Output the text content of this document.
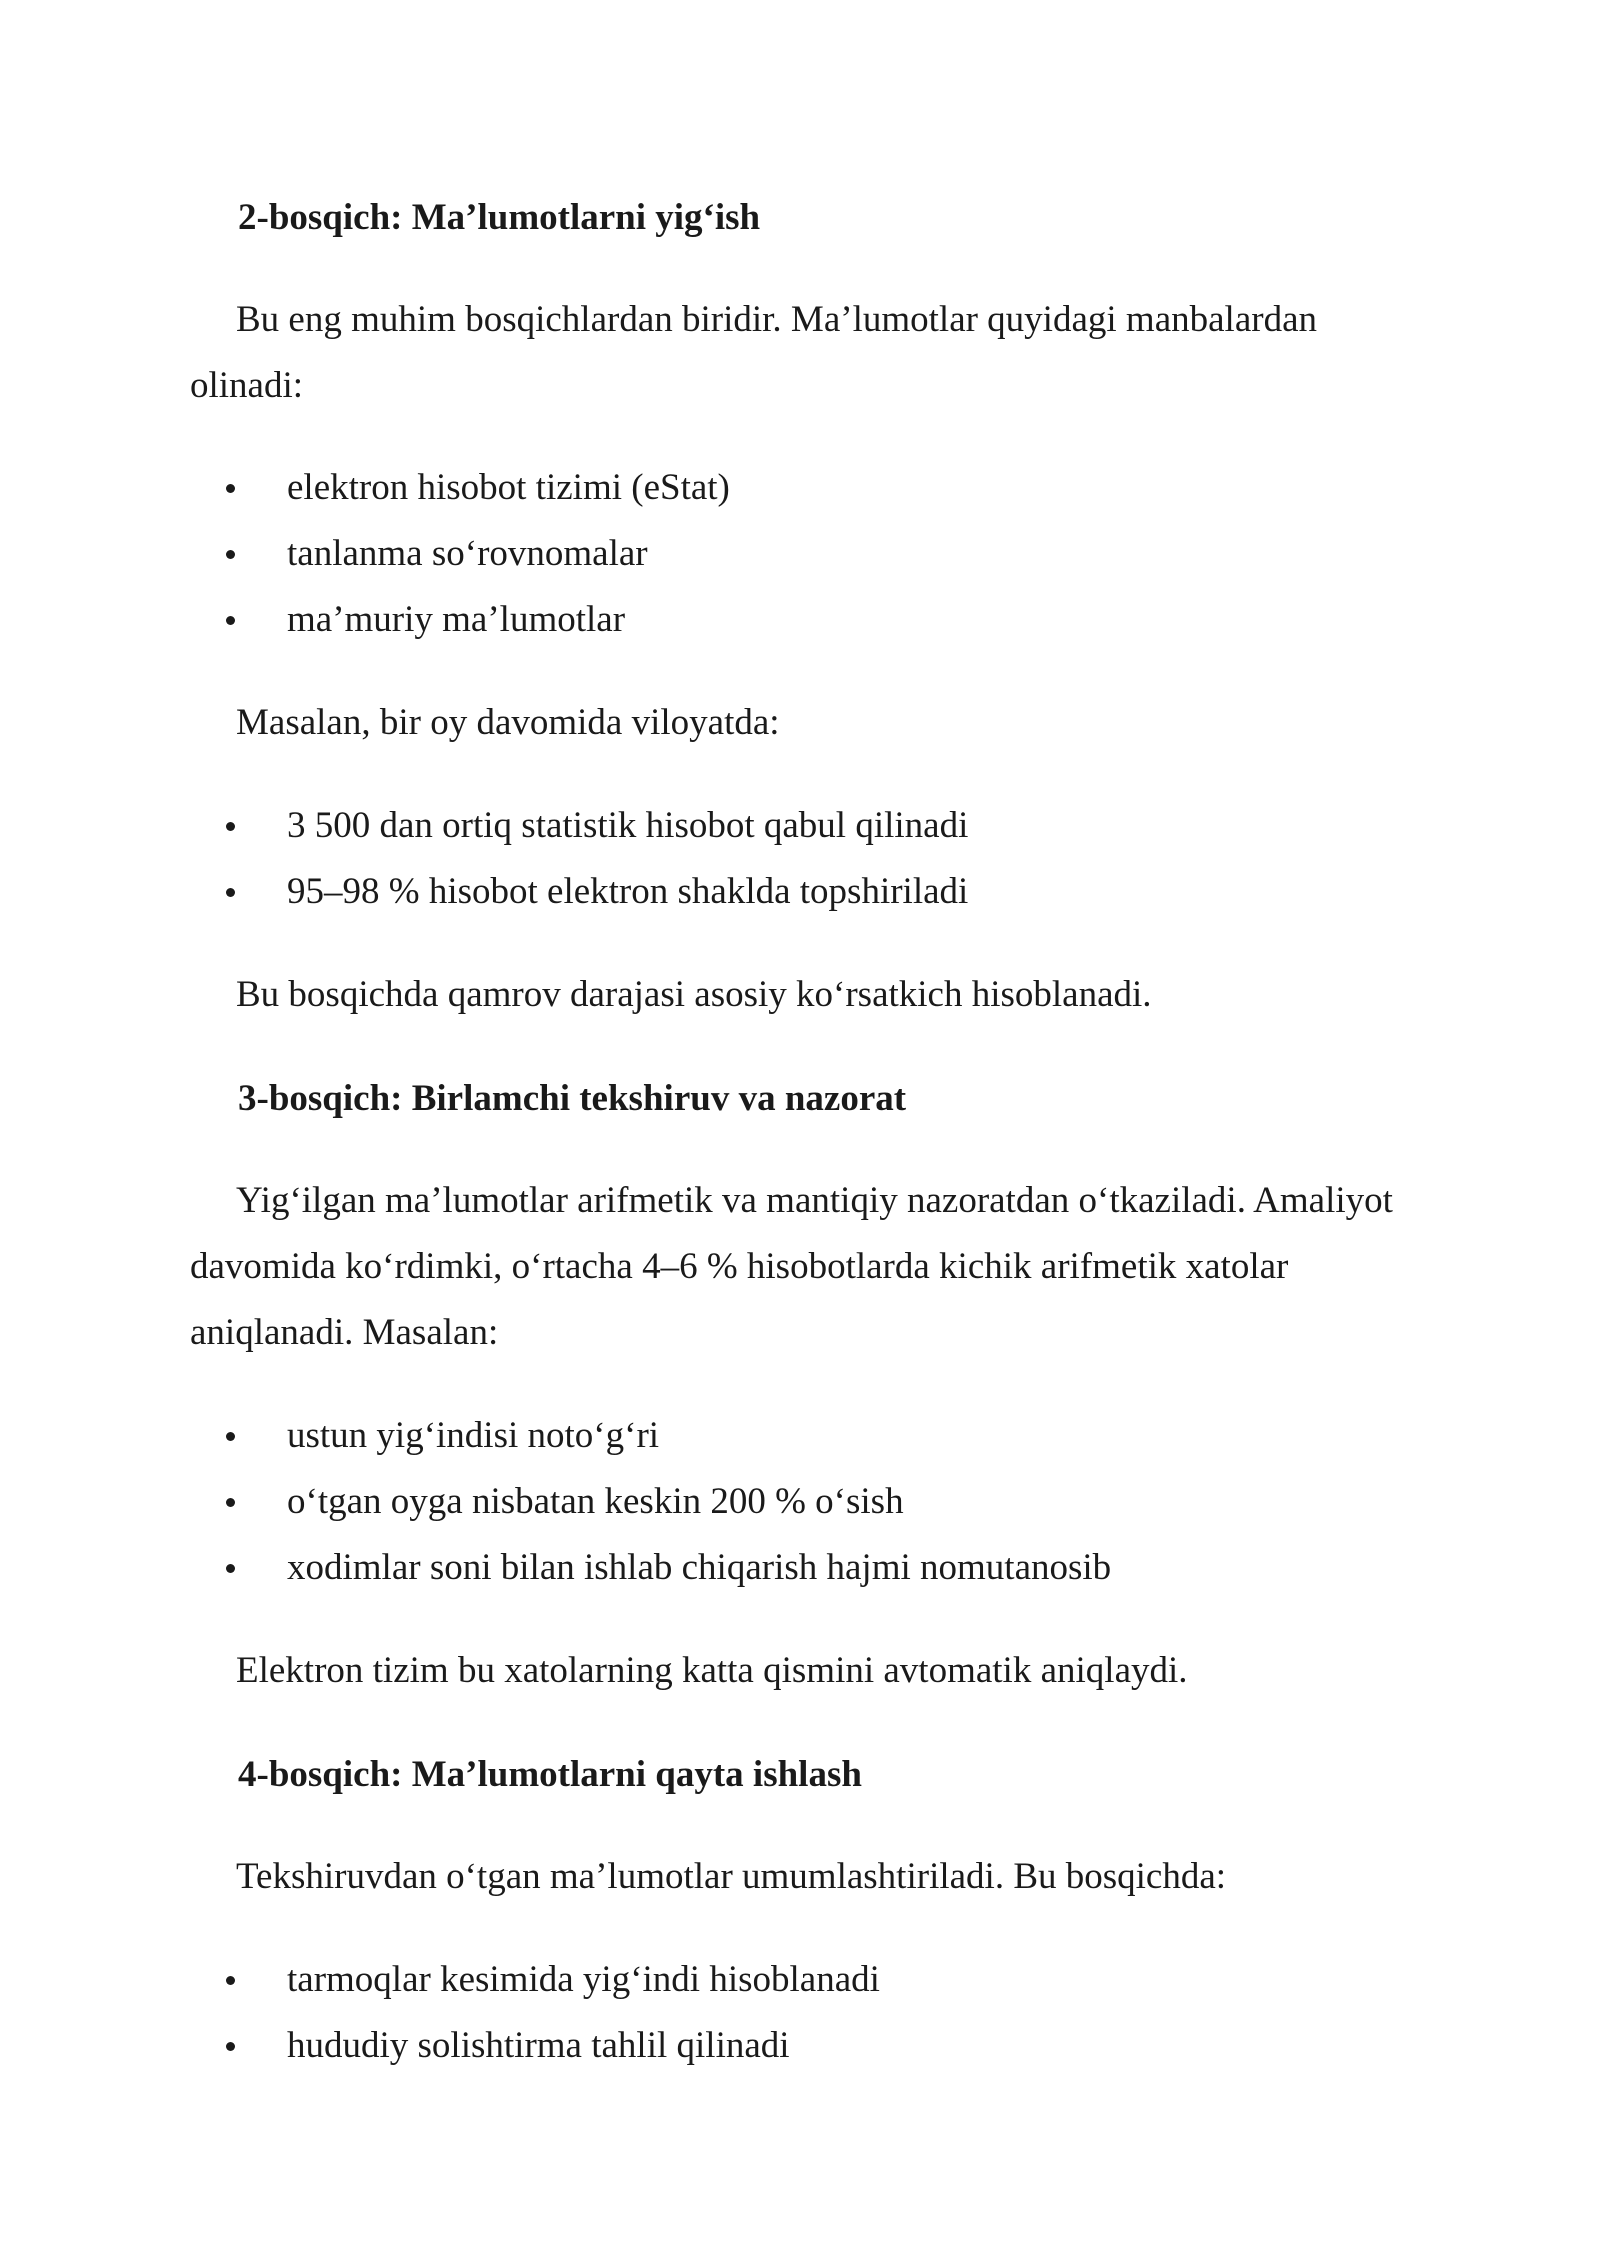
2-bosqich: Ma’lumotlarni yig‘ish

Bu eng muhim bosqichlardan biridir. Ma’lumotlar quyidagi manbalardan olinadi:

elektron hisobot tizimi (eStat)
tanlanma so‘rovnomalar
ma’muriy ma’lumotlar

Masalan, bir oy davomida viloyatda:

3 500 dan ortiq statistik hisobot qabul qilinadi
95–98 % hisobot elektron shaklda topshiriladi

Bu bosqichda qamrov darajasi asosiy ko‘rsatkich hisoblanadi.

3-bosqich: Birlamchi tekshiruv va nazorat

Yig‘ilgan ma’lumotlar arifmetik va mantiqiy nazoratdan o‘tkaziladi. Amaliyot davomida ko‘rdimki, o‘rtacha 4–6 % hisobotlarda kichik arifmetik xatolar aniqlanadi. Masalan:

ustun yig‘indisi noto‘g‘ri
o‘tgan oyga nisbatan keskin 200 % o‘sish
xodimlar soni bilan ishlab chiqarish hajmi nomutanosib

Elektron tizim bu xatolarning katta qismini avtomatik aniqlaydi.

4-bosqich: Ma’lumotlarni qayta ishlash

Tekshiruvdan o‘tgan ma’lumotlar umumlashtiriladi. Bu bosqichda:

tarmoqlar kesimida yig‘indi hisoblanadi
hududiy solishtirma tahlil qilinadi
